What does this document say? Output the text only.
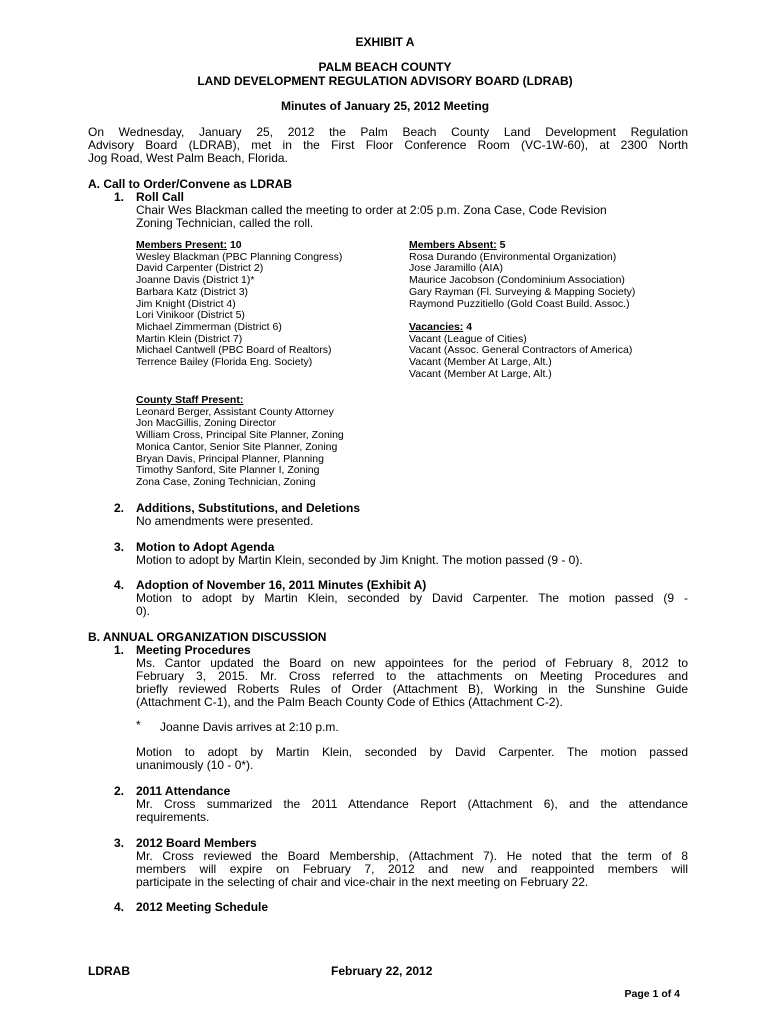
EXHIBIT A
PALM BEACH COUNTY
LAND DEVELOPMENT REGULATION ADVISORY BOARD (LDRAB)
Minutes of January 25, 2012 Meeting
On Wednesday, January 25, 2012 the Palm Beach County Land Development Regulation
Advisory Board (LDRAB), met in the First Floor Conference Room (VC-1W-60), at 2300 North
Jog Road, West Palm Beach, Florida.
A. Call to Order/Convene as LDRAB
1. Roll Call
Chair Wes Blackman called the meeting to order at 2:05 p.m. Zona Case, Code Revision
Zoning Technician, called the roll.
Members Present: 10
Wesley Blackman (PBC Planning Congress)
David Carpenter (District 2)
Joanne Davis (District 1)*
Barbara Katz (District 3)
Jim Knight (District 4)
Lori Vinikoor (District 5)
Michael Zimmerman (District 6)
Martin Klein (District 7)
Michael Cantwell (PBC Board of Realtors)
Terrence Bailey (Florida Eng. Society)
Members Absent: 5
Rosa Durando (Environmental Organization)
Jose Jaramillo (AIA)
Maurice Jacobson (Condominium Association)
Gary Rayman (Fl. Surveying & Mapping Society)
Raymond Puzzitiello (Gold Coast Build. Assoc.)
Vacancies: 4
Vacant (League of Cities)
Vacant (Assoc. General Contractors of America)
Vacant (Member At Large, Alt.)
Vacant (Member At Large, Alt.)
County Staff Present:
Leonard Berger, Assistant County Attorney
Jon MacGillis, Zoning Director
William Cross, Principal Site Planner, Zoning
Monica Cantor, Senior Site Planner, Zoning
Bryan Davis, Principal Planner, Planning
Timothy Sanford, Site Planner I, Zoning
Zona Case, Zoning Technician, Zoning
2. Additions, Substitutions, and Deletions
No amendments were presented.
3. Motion to Adopt Agenda
Motion to adopt by Martin Klein, seconded by Jim Knight. The motion passed (9 - 0).
4. Adoption of November 16, 2011 Minutes (Exhibit A)
Motion to adopt by Martin Klein, seconded by David Carpenter. The motion passed (9 -
0).
B. ANNUAL ORGANIZATION DISCUSSION
1. Meeting Procedures
Ms. Cantor updated the Board on new appointees for the period of February 8, 2012 to
February 3, 2015. Mr. Cross referred to the attachments on Meeting Procedures and
briefly reviewed Roberts Rules of Order (Attachment B), Working in the Sunshine Guide
(Attachment C-1), and the Palm Beach County Code of Ethics (Attachment C-2).
* Joanne Davis arrives at 2:10 p.m.
Motion to adopt by Martin Klein, seconded by David Carpenter. The motion passed
unanimously (10 - 0*).
2. 2011 Attendance
Mr. Cross summarized the 2011 Attendance Report (Attachment 6), and the attendance
requirements.
3. 2012 Board Members
Mr. Cross reviewed the Board Membership, (Attachment 7). He noted that the term of 8
members will expire on February 7, 2012 and new and reappointed members will
participate in the selecting of chair and vice-chair in the next meeting on February 22.
4. 2012 Meeting Schedule
LDRAB	February 22, 2012
Page 1 of 4
